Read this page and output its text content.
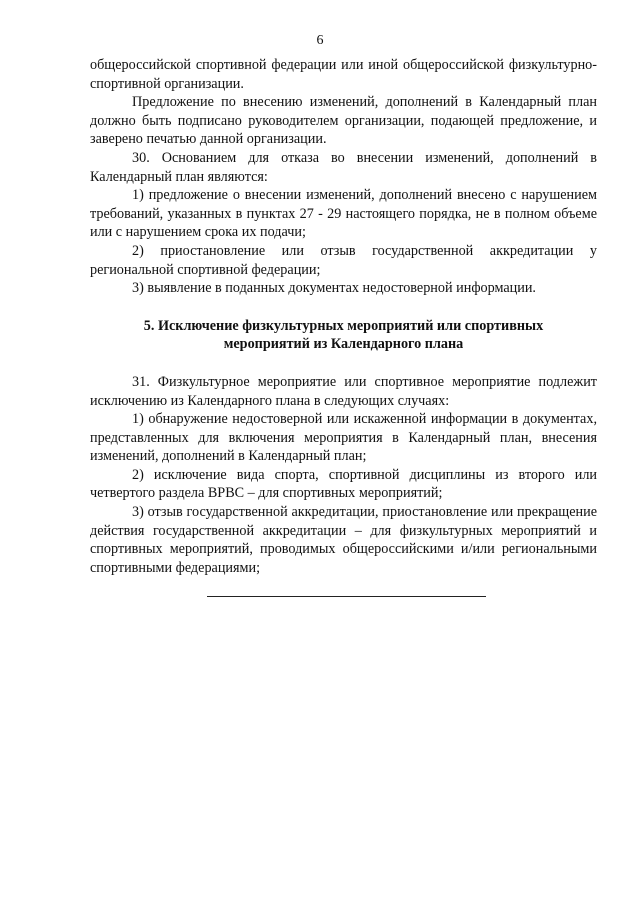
6

общероссийской спортивной федерации или иной общероссийской физкультурно-спортивной организации.

Предложение по внесению изменений, дополнений в Календарный план должно быть подписано руководителем организации, подающей предложение, и заверено печатью данной организации.

30. Основанием для отказа во внесении изменений, дополнений в Календарный план являются:

1) предложение о внесении изменений, дополнений внесено с нарушением требований, указанных в пунктах 27 - 29 настоящего порядка, не в полном объеме или с нарушением срока их подачи;

2) приостановление или отзыв государственной аккредитации у региональной спортивной федерации;

3) выявление в поданных документах недостоверной информации.

5. Исключение физкультурных мероприятий или спортивных
мероприятий из Календарного плана

31. Физкультурное мероприятие или спортивное мероприятие подлежит исключению из Календарного плана в следующих случаях:

1) обнаружение недостоверной или искаженной информации в документах, представленных для включения мероприятия в Календарный план, внесения изменений, дополнений в Календарный план;

2) исключение вида спорта, спортивной дисциплины из второго или четвертого раздела ВРВС – для спортивных мероприятий;

3) отзыв государственной аккредитации, приостановление или прекращение действия государственной аккредитации – для физкультурных мероприятий и спортивных мероприятий, проводимых общероссийскими и/или региональными спортивными федерациями;
